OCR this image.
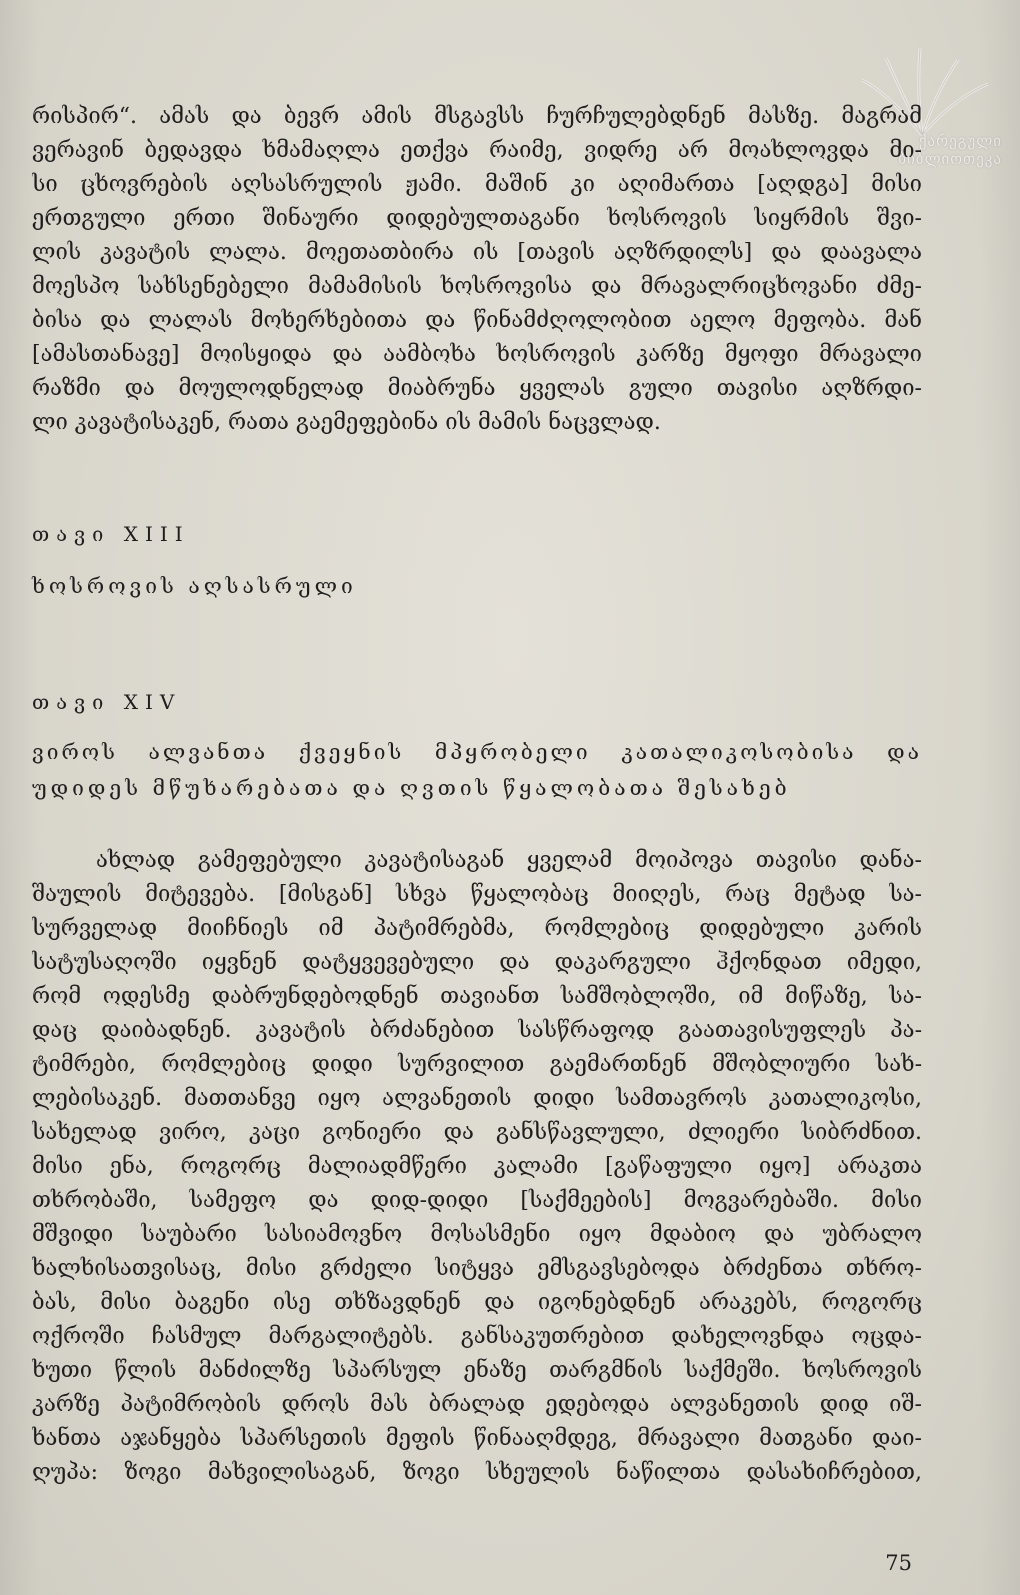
ქარეგული
ბიბლიოთეკა
რისპირ“. ამას და ბევრ ამის მსგავსს ჩურჩულებდნენ მასზე. მაგრამ
ვერავინ ბედავდა ხმამაღლა ეთქვა რაიმე, ვიდრე არ მოახლოვდა მი-
სი ცხოვრების აღსასრულის ჟამი. მაშინ კი აღიმართა [აღდგა] მისი
ერთგული ერთი შინაური დიდებულთაგანი ხოსროვის სიყრმის შვი-
ლის კავატის ლალა. მოეთათბირა ის [თავის აღზრდილს] და დაავალა
მოესპო სახსენებელი მამამისის ხოსროვისა და მრავალრიცხოვანი ძმე-
ბისა და ლალას მოხერხებითა და წინამძღოლობით აელო მეფობა. მან
[ამასთანავე] მოისყიდა და აამბოხა ხოსროვის კარზე მყოფი მრავალი
რაზმი და მოულოდნელად მიაბრუნა ყველას გული თავისი აღზრდი-
ლი კავატისაკენ, რათა გაემეფებინა ის მამის ნაცვლად.
თავი XIII
ხოსროვის აღსასრული
თავი XIV
ვიროს ალვანთა ქვეყნის მპყრობელი კათალიკოსობისა და
უდიდეს მწუხარებათა და ღვთის წყალობათა შესახებ
ახლად გამეფებული კავატისაგან ყველამ მოიპოვა თავისი დანა-
შაულის მიტევება. [მისგან] სხვა წყალობაც მიიღეს, რაც მეტად სა-
სურველად მიიჩნიეს იმ პატიმრებმა, რომლებიც დიდებული კარის
სატუსაღოში იყვნენ დატყვევებული და დაკარგული ჰქონდათ იმედი,
რომ ოდესმე დაბრუნდებოდნენ თავიანთ სამშობლოში, იმ მიწაზე, სა-
დაც დაიბადნენ. კავატის ბრძანებით სასწრაფოდ გაათავისუფლეს პა-
ტიმრები, რომლებიც დიდი სურვილით გაემართნენ მშობლიური სახ-
ლებისაკენ. მათთანვე იყო ალვანეთის დიდი სამთავროს კათალიკოსი,
სახელად ვირო, კაცი გონიერი და განსწავლული, ძლიერი სიბრძნით.
მისი ენა, როგორც მალიადმწერი კალამი [გაწაფული იყო] არაკთა
თხრობაში, სამეფო და დიდ-დიდი [საქმეების] მოგვარებაში. მისი
მშვიდი საუბარი სასიამოვნო მოსასმენი იყო მდაბიო და უბრალო
ხალხისათვისაც, მისი გრძელი სიტყვა ემსგავსებოდა ბრძენთა თხრო-
ბას, მისი ბაგენი ისე თხზავდნენ და იგონებდნენ არაკებს, როგორც
ოქროში ჩასმულ მარგალიტებს. განსაკუთრებით დახელოვნდა ოცდა-
ხუთი წლის მანძილზე სპარსულ ენაზე თარგმნის საქმეში. ხოსროვის
კარზე პატიმრობის დროს მას ბრალად ედებოდა ალვანეთის დიდ იშ-
ხანთა აჯანყება სპარსეთის მეფის წინააღმდეგ, მრავალი მათგანი დაი-
ღუპა: ზოგი მახვილისაგან, ზოგი სხეულის ნაწილთა დასახიჩრებით,
75
